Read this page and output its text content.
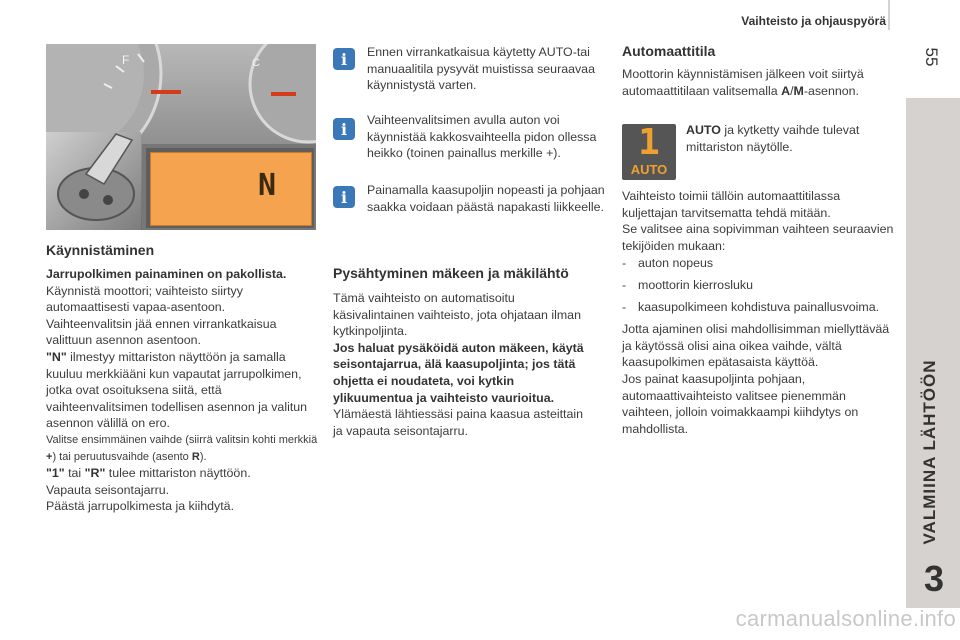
Vaihteisto ja ohjauspyörä
55
VALMIINA LÄHTÖÖN
3
F	C
N
Käynnistäminen

Jarrupolkimen painaminen on pakollista.

Käynnistä moottori; vaihteisto siirtyy automaattisesti vapaa-asentoon.

Vaihteenvalitsin jää ennen virrankatkaisua valittuun asennon asentoon.

"N" ilmestyy mittariston näyttöön ja samalla kuuluu merkkiääni kun vapautat jarrupolkimen, jotka ovat osoituksena siitä, että vaihteenvalitsimen todellisen asennon ja valitun asennon välillä on ero.

Valitse ensimmäinen vaihde (siirrä valitsin kohti merkkiä +) tai peruutusvaihde (asento R).

"1" tai "R" tulee mittariston näyttöön.

Vapauta seisontajarru.

Päästä jarrupolkimesta ja kiihdytä.

i Ennen virrankatkaisua käytetty AUTO-tai manuaalitila pysyvät muistissa seuraavaa käynnistystä varten.
i Vaihteenvalitsimen avulla auton voi käynnistää kakkosvaihteella pidon ollessa heikko (toinen painallus merkille +).
i Painamalla kaasupoljin nopeasti ja pohjaan saakka voidaan päästä napakasti liikkeelle.
Pysähtyminen mäkeen ja mäkilähtö

Tämä vaihteisto on automatisoitu käsivalintainen vaihteisto, jota ohjataan ilman kytkinpoljinta.

Jos haluat pysäköidä auton mäkeen, käytä seisontajarrua, älä kaasupoljinta; jos tätä ohjetta ei noudateta, voi kytkin ylikuumentua ja vaihteisto vaurioitua.

Ylämäestä lähtiessäsi paina kaasua asteittain ja vapauta seisontajarru.

Automaattitila

Moottorin käynnistämisen jälkeen voit siirtyä automaattitilaan valitsemalla A/M-asennon.

1
AUTO

AUTO ja kytketty vaihde tulevat mittariston näytölle.

Vaihteisto toimii tällöin automaattitilassa kuljettajan tarvitsematta tehdä mitään.

Se valitsee aina sopivimman vaihteen seuraavien tekijöiden mukaan:

- auton nopeus
- moottorin kierrosluku
- kaasupolkimeen kohdistuva painallusvoima.

Jotta ajaminen olisi mahdollisimman miellyttävää ja käytössä olisi aina oikea vaihde, vältä kaasupolkimen epätasaista käyttöä.

Jos painat kaasupoljinta pohjaan, automaattivaihteisto valitsee pienemmän vaihteen, jolloin voimakkaampi kiihdytys on mahdollista.

carmanualsonline.info
